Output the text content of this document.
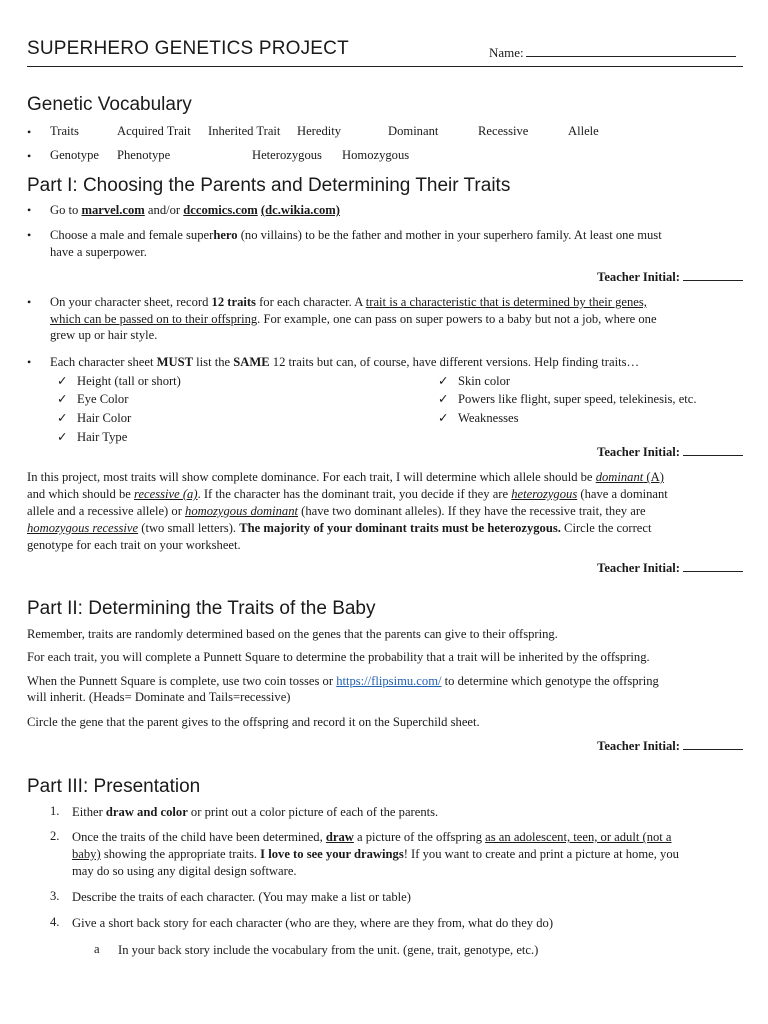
SUPERHERO GENETICS PROJECT	Name:
Genetic Vocabulary
• Traits	Acquired Trait Inherited Trait Heredity	Dominant	Recessive	Allele
• Genotype Phenotype	Heterozygous Homozygous
Part I: Choosing the Parents and Determining Their Traits
• Go to marvel.com and/or dccomics.com (dc.wikia.com)
• Choose a male and female superhero (no villains) to be the father and mother in your superhero family. At least one must
have a superpower.
Teacher Initial:
• On your character sheet, record 12 traits for each character. A trait is a characteristic that is determined by their genes,
which can be passed on to their offspring. For example, one can pass on super powers to a baby but not a job, where one
grew up or hair style.
• Each character sheet MUST list the SAME 12 traits but can, of course, have different versions. Help finding traits…
✓ Height (tall or short)
✓ Eye Color
✓ Hair Color
✓ Hair Type
✓ Skin color
✓ Powers like flight, super speed, telekinesis, etc.
✓ Weaknesses
Teacher Initial:
In this project, most traits will show complete dominance. For each trait, I will determine which allele should be dominant (A)
and which should be recessive (a). If the character has the dominant trait, you decide if they are heterozygous (have a dominant
allele and a recessive allele) or homozygous dominant (have two dominant alleles). If they have the recessive trait, they are
homozygous recessive (two small letters). The majority of your dominant traits must be heterozygous. Circle the correct
genotype for each trait on your worksheet.
Teacher Initial:
Part II: Determining the Traits of the Baby
Remember, traits are randomly determined based on the genes that the parents can give to their offspring.
For each trait, you will complete a Punnett Square to determine the probability that a trait will be inherited by the offspring.
When the Punnett Square is complete, use two coin tosses or https://flipsimu.com/ to determine which genotype the offspring
will inherit. (Heads= Dominate and Tails=recessive)
Circle the gene that the parent gives to the offspring and record it on the Superchild sheet.
Teacher Initial:
Part III: Presentation
1. Either draw and color or print out a color picture of each of the parents.
2. Once the traits of the child have been determined, draw a picture of the offspring as an adolescent, teen, or adult (not a
baby) showing the appropriate traits. I love to see your drawings! If you want to create and print a picture at home, you
may do so using any digital design software.
3. Describe the traits of each character. (You may make a list or table)
4. Give a short back story for each character (who are they, where are they from, what do they do)
a In your back story include the vocabulary from the unit. (gene, trait, genotype, etc.)
